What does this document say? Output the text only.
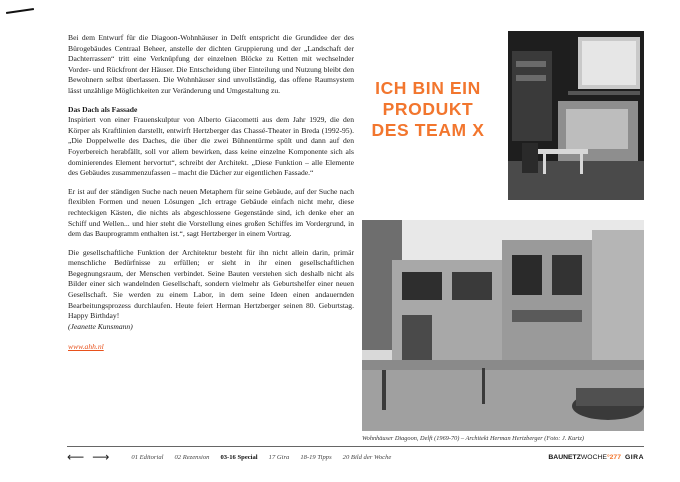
Bei dem Entwurf für die Diagoon-Wohnhäuser in Delft entspricht die Grundidee der des Bürogebäudes Centraal Beheer, anstelle der dichten Gruppierung und der „Landschaft der Dachterrassen“ tritt eine Verknüpfung der einzelnen Blöcke zu Ketten mit wechselnder Vorder- und Rückfront der Häuser. Die Entscheidung über Einteilung und Nutzung bleibt den Bewohnern selbst überlassen. Die Wohnhäuser sind unvollständig, das offene Raumsystem lässt unzählige Möglichkeiten zur Veränderung und Umgestaltung zu.

Das Dach als Fassade

Inspiriert von einer Frauenskulptur von Alberto Giacometti aus dem Jahr 1929, die den Körper als Kraftlinien darstellt, entwirft Hertzberger das Chassé-Theater in Breda (1992-95). „Die Doppelwelle des Daches, die über die zwei Bühnentürme spült und dann auf den Foyerbereich herabfällt, soll vor allem bewirken, dass keine einzelne Komponente sich als dominierendes Element hervortut“, schreibt der Architekt. „Diese Funktion – alle Elemente des Gebäudes zusammenzufassen – macht die Dächer zur eigentlichen Fassade.“

Er ist auf der ständigen Suche nach neuen Metaphern für seine Gebäude, auf der Suche nach flexiblen Formen und neuen Lösungen „Ich ertrage Gebäude einfach nicht mehr, diese rechteckigen Kästen, die nichts als abgeschlossene Gegenstände sind, ich denke eher an Schiff und Wellen... und hier steht die Vorstellung eines großen Schiffes im Vordergrund, in dem das Bauprogramm enthalten ist.“, sagt Hertzberger in einem Vortrag.

Die gesellschaftliche Funktion der Architektur besteht für ihn nicht allein darin, primär menschliche Bedürfnisse zu erfüllen; er sieht in ihr einen gesellschaftlichen Begegnungsraum, der Menschen verbindet. Seine Bauten verstehen sich deshalb nicht als Bilder einer sich wandelnden Gesellschaft, sondern vielmehr als Geburtshelfer einer neuen Gesellschaft. Sie werden zu einem Labor, in dem seine Ideen einen andauernden Bearbeitungsprozess durchlaufen. Heute feiert Herman Hertzberger seinen 80. Geburtstag. Happy Birthday!
(Jeanette Kunsmann)

www.ahh.nl
ICH BIN EIN
PRODUKT
DES TEAM X
Wohnhäuser Diagoon, Delft (1969-70) – Architekt Herman Hertzberger (Foto: J. Kurtz)
⟵ ⟶	01 Editorial 02 Rezension 03-16 Special 17 Gira 18-19 Tipps 20 Bild der Woche	BAUNETZWOCHE°277 GIRA
